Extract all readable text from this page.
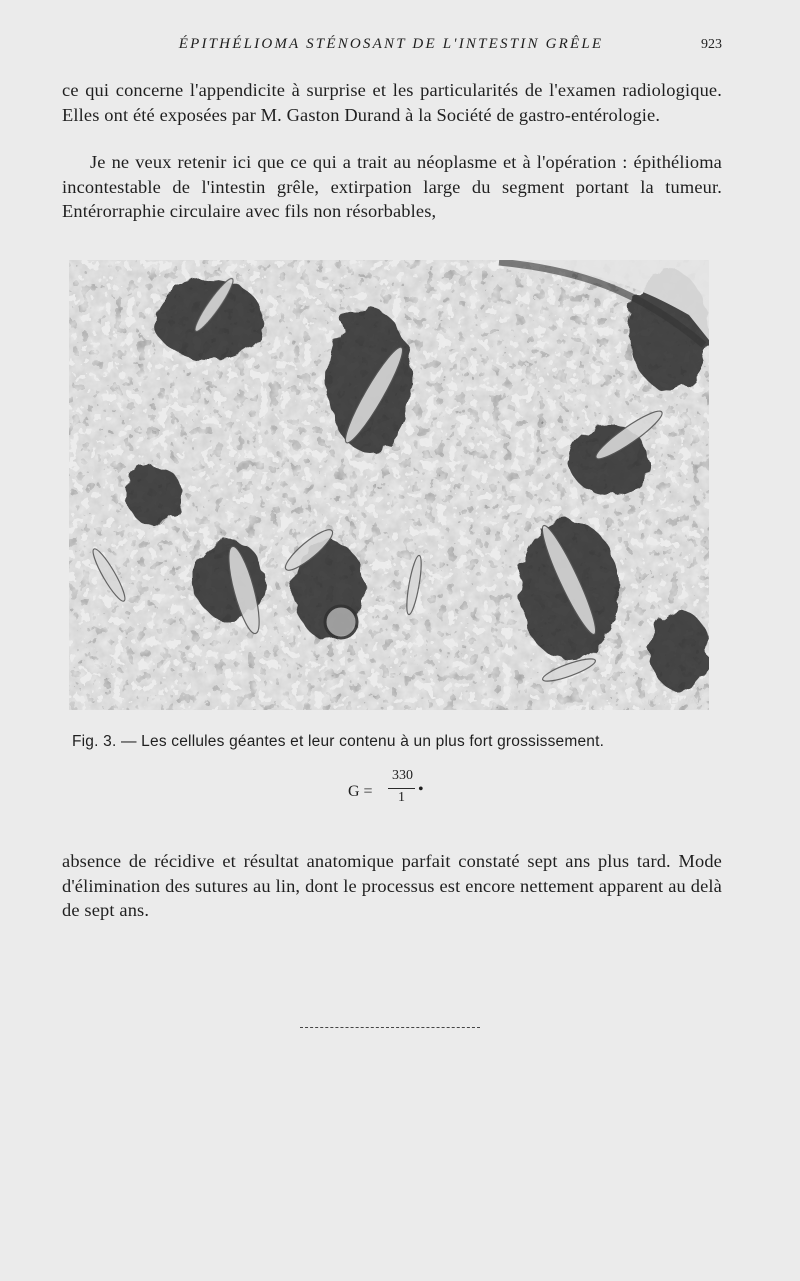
ÉPITHÉLIOMA STÉNOSANT DE L'INTESTIN GRÊLE	923

ce qui concerne l'appendicite à surprise et les particularités de l'examen radiologique. Elles ont été exposées par M. Gaston Durand à la Société de gastro-entérologie.

Je ne veux retenir ici que ce qui a trait au néoplasme et à l'opération : épithélioma incontestable de l'intestin grêle, extirpation large du segment portant la tumeur. Entérorraphie circulaire avec fils non résorbables,

CH. DELVAL
Fig. 3. — Les cellules géantes et leur contenu à un plus fort grossissement.
G =
330
1 •

absence de récidive et résultat anatomique parfait constaté sept ans plus tard. Mode d'élimination des sutures au lin, dont le processus est encore nettement apparent au delà de sept ans.
